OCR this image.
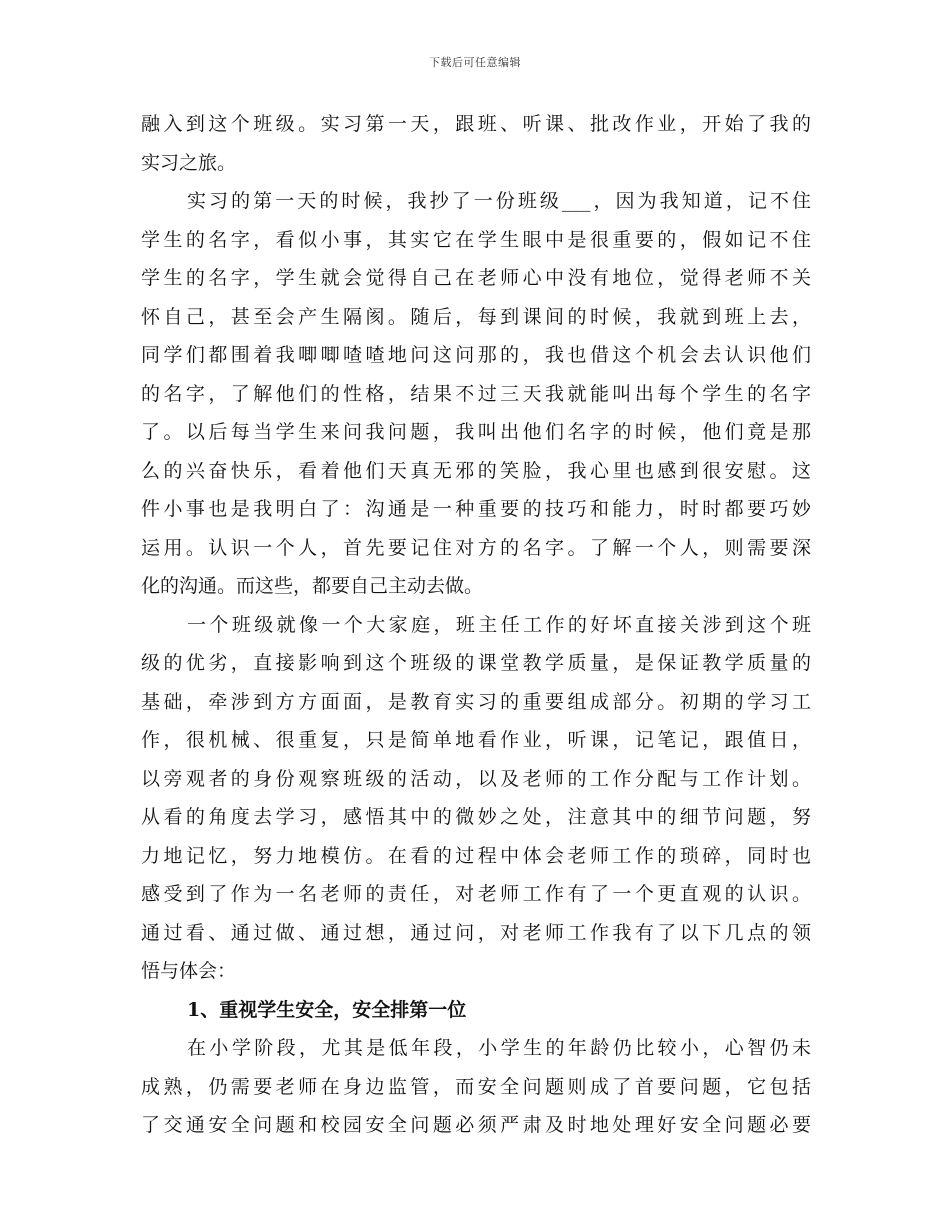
下载后可任意编辑
融入到这个班级。实习第一天，跟班、听课、批改作业，开始了我的
实习之旅。
实习的第一天的时候，我抄了一份班级___，因为我知道，记不住
学生的名字，看似小事，其实它在学生眼中是很重要的，假如记不住
学生的名字，学生就会觉得自己在老师心中没有地位，觉得老师不关
怀自己，甚至会产生隔阂。随后，每到课间的时候，我就到班上去，
同学们都围着我唧唧喳喳地问这问那的，我也借这个机会去认识他们
的名字，了解他们的性格，结果不过三天我就能叫出每个学生的名字
了。以后每当学生来问我问题，我叫出他们名字的时候，他们竟是那
么的兴奋快乐，看着他们天真无邪的笑脸，我心里也感到很安慰。这
件小事也是我明白了：沟通是一种重要的技巧和能力，时时都要巧妙
运用。认识一个人，首先要记住对方的名字。了解一个人，则需要深
化的沟通。而这些，都要自己主动去做。
一个班级就像一个大家庭，班主任工作的好坏直接关涉到这个班
级的优劣，直接影响到这个班级的课堂教学质量，是保证教学质量的
基础，牵涉到方方面面，是教育实习的重要组成部分。初期的学习工
作，很机械、很重复，只是简单地看作业，听课，记笔记，跟值日，
以旁观者的身份观察班级的活动，以及老师的工作分配与工作计划。
从看的角度去学习，感悟其中的微妙之处，注意其中的细节问题，努
力地记忆，努力地模仿。在看的过程中体会老师工作的琐碎，同时也
感受到了作为一名老师的责任，对老师工作有了一个更直观的认识。
通过看、通过做、通过想，通过问，对老师工作我有了以下几点的领
悟与体会：
1、重视学生安全，安全排第一位
在小学阶段，尤其是低年段，小学生的年龄仍比较小，心智仍未
成熟，仍需要老师在身边监管，而安全问题则成了首要问题，它包括
了交通安全问题和校园安全问题必须严肃及时地处理好安全问题必要
